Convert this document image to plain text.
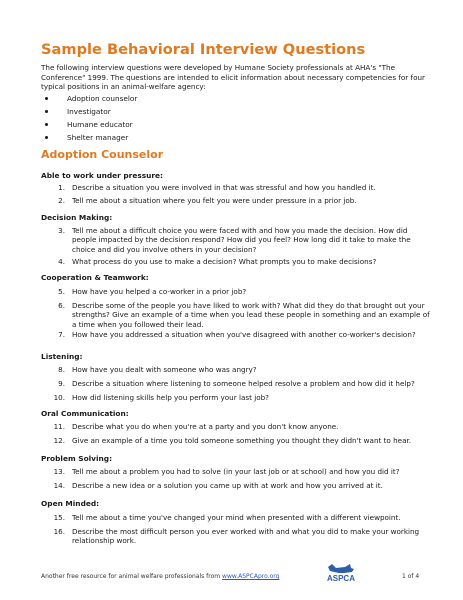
Sample Behavioral Interview Questions

The following interview questions were developed by Humane Society professionals at AHA's "The Conference" 1999. The questions are intended to elicit information about necessary competencies for four typical positions in an animal-welfare agency:

Adoption counselor
Investigator
Humane educator
Shelter manager
Adoption Counselor
Able to work under pressure:
1. Describe a situation you were involved in that was stressful and how you handled it.
2. Tell me about a situation where you felt you were under pressure in a prior job.
Decision Making:
3. Tell me about a difficult choice you were faced with and how you made the decision. How did people impacted by the decision respond? How did you feel? How long did it take to make the choice and did you involve others in your decision?
4. What process do you use to make a decision? What prompts you to make decisions?
Cooperation & Teamwork:
5. How have you helped a co-worker in a prior job?
6. Describe some of the people you have liked to work with? What did they do that brought out your strengths? Give an example of a time when you lead these people in something and an example of a time when you followed their lead.
7. How have you addressed a situation when you've disagreed with another co-worker's decision?
Listening:
8. How have you dealt with someone who was angry?
9. Describe a situation where listening to someone helped resolve a problem and how did it help?
10. How did listening skills help you perform your last job?
Oral Communication:
11. Describe what you do when you're at a party and you don't know anyone.
12. Give an example of a time you told someone something you thought they didn't want to hear.
Problem Solving:
13. Tell me about a problem you had to solve (in your last job or at school) and how you did it?
14. Describe a new idea or a solution you came up with at work and how you arrived at it.
Open Minded:
15. Tell me about a time you've changed your mind when presented with a different viewpoint.
16. Describe the most difficult person you ever worked with and what you did to make your working relationship work.
Another free resource for animal welfare professionals from www.ASPCApro.org	ASPCA	1 of 4
